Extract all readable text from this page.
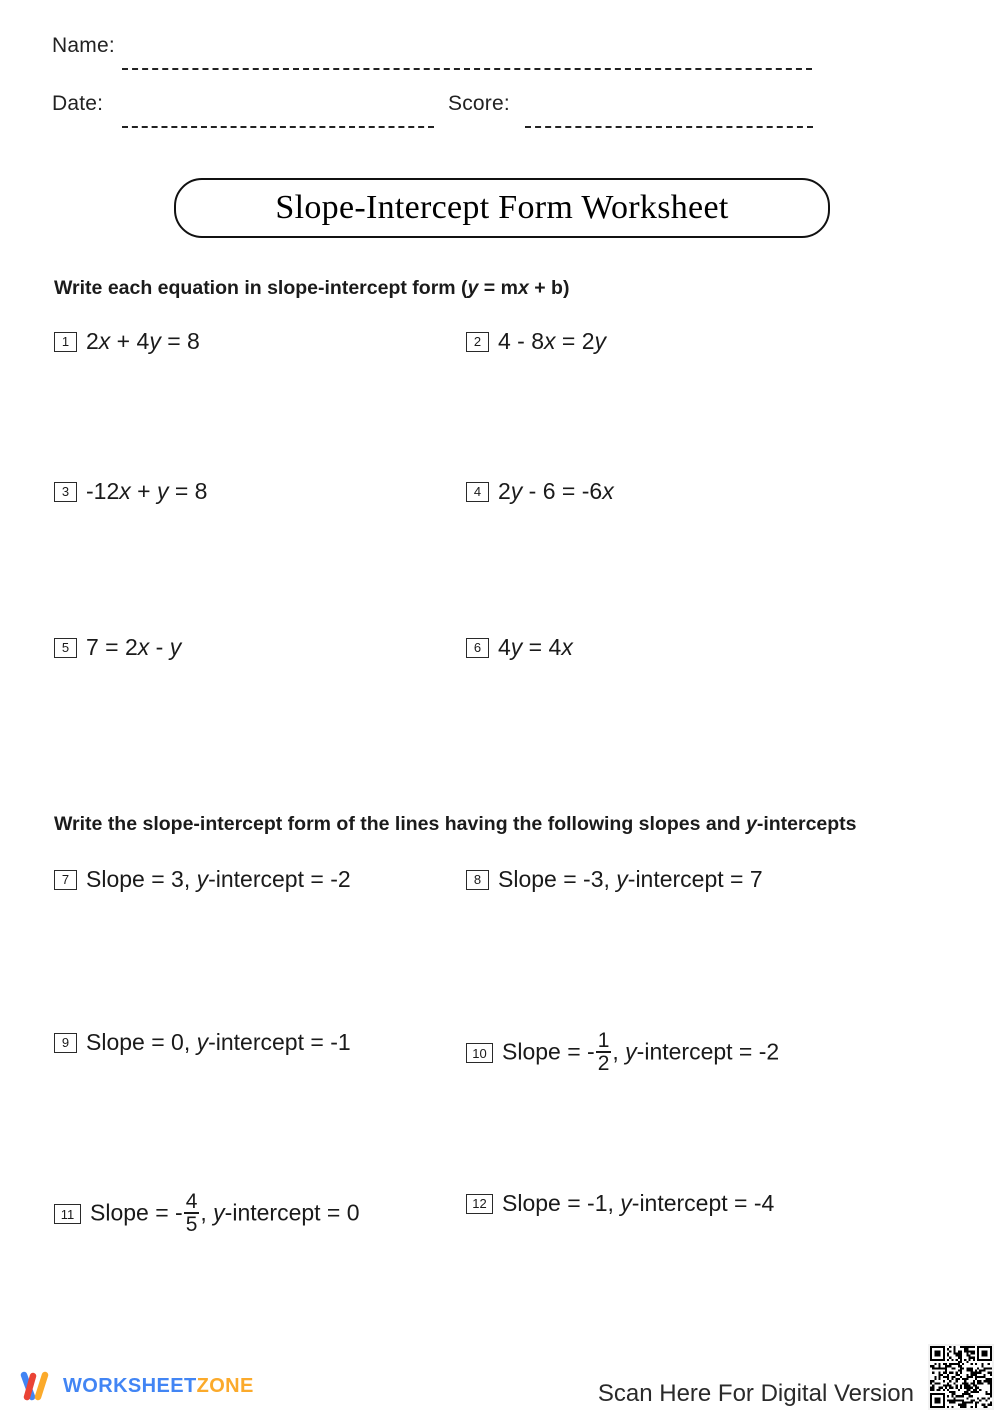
Name:
Date:	Score:
Slope-Intercept Form Worksheet
Write each equation in slope-intercept form (y = mx + b)
Write the slope-intercept form of the lines having the following slopes and y-intercepts
1 2x + 4y = 8	2 4 - 8x = 2y
3 -12x + y = 8	4 2y - 6 = -6x
5 7 = 2x - y	6 4y = 4x
7 Slope = 3, y-intercept = -2	8 Slope = -3, y-intercept = 7
9 Slope = 0, y-intercept = -1	10 Slope = - $\frac{1}{2}$ , y-intercept = -2
11 Slope = - $\frac{4}{5}$ , y-intercept = 0	12 Slope = -1, y-intercept = -4
WORKSHEETZONE	Scan Here For Digital Version
